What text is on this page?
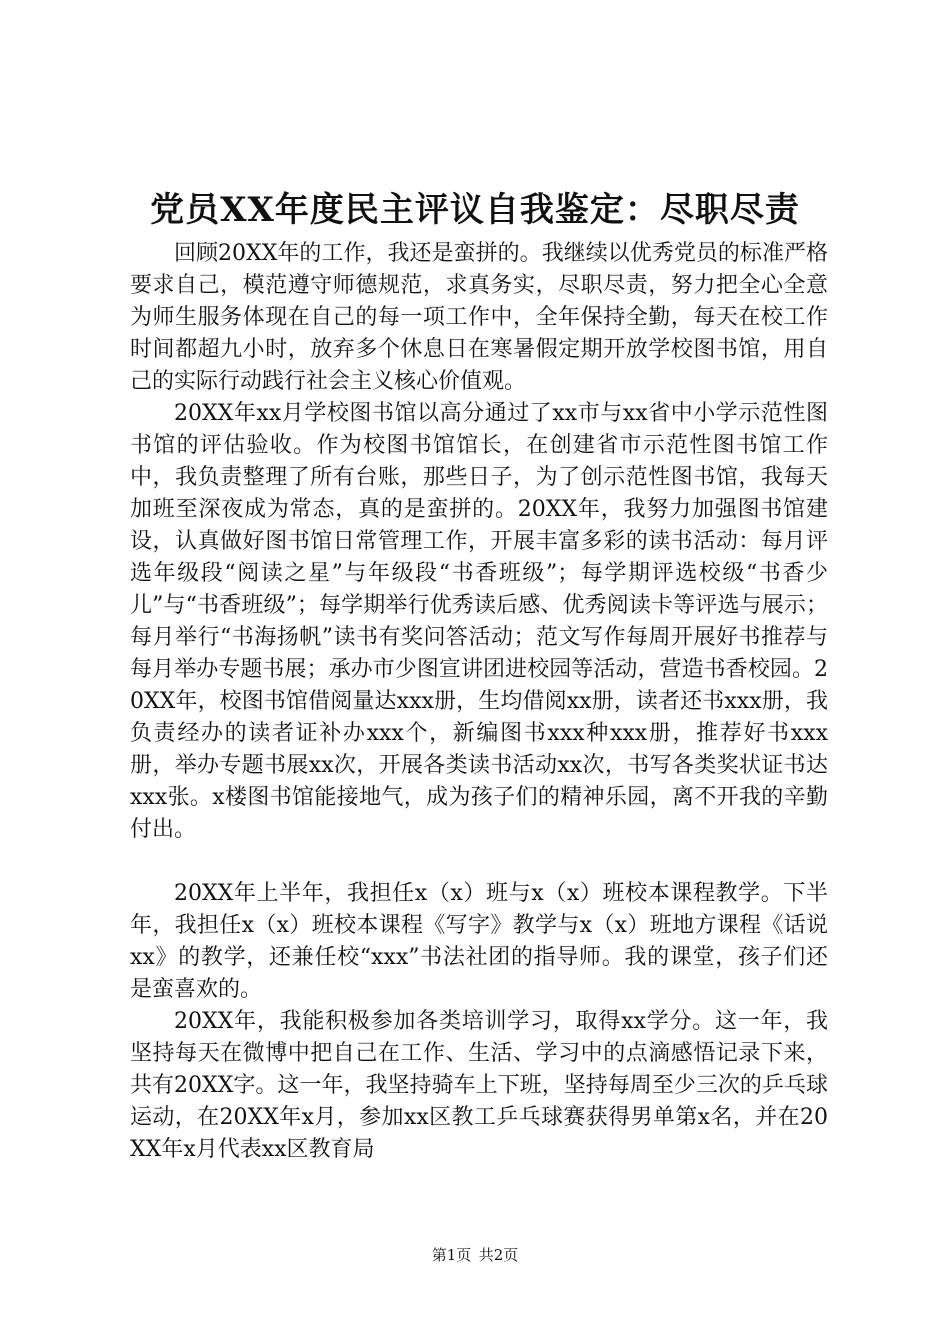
党员XX年度民主评议自我鉴定：尽职尽责

回顾20XX年的工作，我还是蛮拼的。我继续以优秀党员的标准严格要求自己，模范遵守师德规范，求真务实，尽职尽责，努力把全心全意为师生服务体现在自己的每一项工作中，全年保持全勤，每天在校工作时间都超九小时，放弃多个休息日在寒暑假定期开放学校图书馆，用自己的实际行动践行社会主义核心价值观。

20XX年xx月学校图书馆以高分通过了xx市与xx省中小学示范性图书馆的评估验收。作为校图书馆馆长，在创建省市示范性图书馆工作中，我负责整理了所有台账，那些日子，为了创示范性图书馆，我每天加班至深夜成为常态，真的是蛮拼的。20XX年，我努力加强图书馆建设，认真做好图书馆日常管理工作，开展丰富多彩的读书活动：每月评选年级段“阅读之星”与年级段“书香班级”；每学期评选校级“书香少儿”与“书香班级”；每学期举行优秀读后感、优秀阅读卡等评选与展示；每月举行“书海扬帆”读书有奖问答活动；范文写作每周开展好书推荐与每月举办专题书展；承办市少图宣讲团进校园等活动，营造书香校园。20XX年，校图书馆借阅量达xxx册，生均借阅xx册，读者还书xxx册，我负责经办的读者证补办xxx个，新编图书xxx种xxx册，推荐好书xxx册，举办专题书展xx次，开展各类读书活动xx次，书写各类奖状证书达xxx张。x楼图书馆能接地气，成为孩子们的精神乐园，离不开我的辛勤付出。

20XX年上半年，我担任x（x）班与x（x）班校本课程教学。下半年，我担任x（x）班校本课程《写字》教学与x（x）班地方课程《话说xx》的教学，还兼任校“xxx”书法社团的指导师。我的课堂，孩子们还是蛮喜欢的。

20XX年，我能积极参加各类培训学习，取得xx学分。这一年，我坚持每天在微博中把自己在工作、生活、学习中的点滴感悟记录下来，共有20XX字。这一年，我坚持骑车上下班，坚持每周至少三次的乒乓球运动，在20XX年x月，参加xx区教工乒乓球赛获得男单第x名，并在20XX年x月代表xx区教育局

第1页  共2页
